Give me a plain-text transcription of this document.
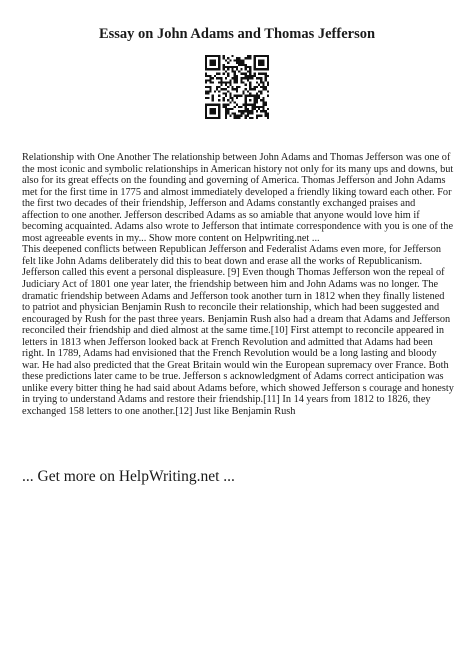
Essay on John Adams and Thomas Jefferson

Relationship with One Another The relationship between John Adams and Thomas Jefferson was one of the most iconic and symbolic relationships in American history not only for its many ups and downs, but also for its great effects on the founding and governing of America. Thomas Jefferson and John Adams met for the first time in 1775 and almost immediately developed a friendly liking toward each other. For the first two decades of their friendship, Jefferson and Adams constantly exchanged praises and affection to one another. Jefferson described Adams as so amiable that anyone would love him if becoming acquainted. Adams also wrote to Jefferson that intimate correspondence with you is one of the most agreeable events in my... Show more content on Helpwriting.net ...

This deepened conflicts between Republican Jefferson and Federalist Adams even more, for Jefferson felt like John Adams deliberately did this to beat down and erase all the works of Republicanism. Jefferson called this event a personal displeasure. [9] Even though Thomas Jefferson won the repeal of Judiciary Act of 1801 one year later, the friendship between him and John Adams was no longer. The dramatic friendship between Adams and Jefferson took another turn in 1812 when they finally listened to patriot and physician Benjamin Rush to reconcile their relationship, which had been suggested and encouraged by Rush for the past three years. Benjamin Rush also had a dream that Adams and Jefferson reconciled their friendship and died almost at the same time.[10] First attempt to reconcile appeared in letters in 1813 when Jefferson looked back at French Revolution and admitted that Adams had been right. In 1789, Adams had envisioned that the French Revolution would be a long lasting and bloody war. He had also predicted that the Great Britain would win the European supremacy over France. Both these predictions later came to be true. Jefferson s acknowledgment of Adams correct anticipation was unlike every bitter thing he had said about Adams before, which showed Jefferson s courage and honesty in trying to understand Adams and restore their friendship.[11] In 14 years from 1812 to 1826, they exchanged 158 letters to one another.[12] Just like Benjamin Rush

... Get more on HelpWriting.net ...
